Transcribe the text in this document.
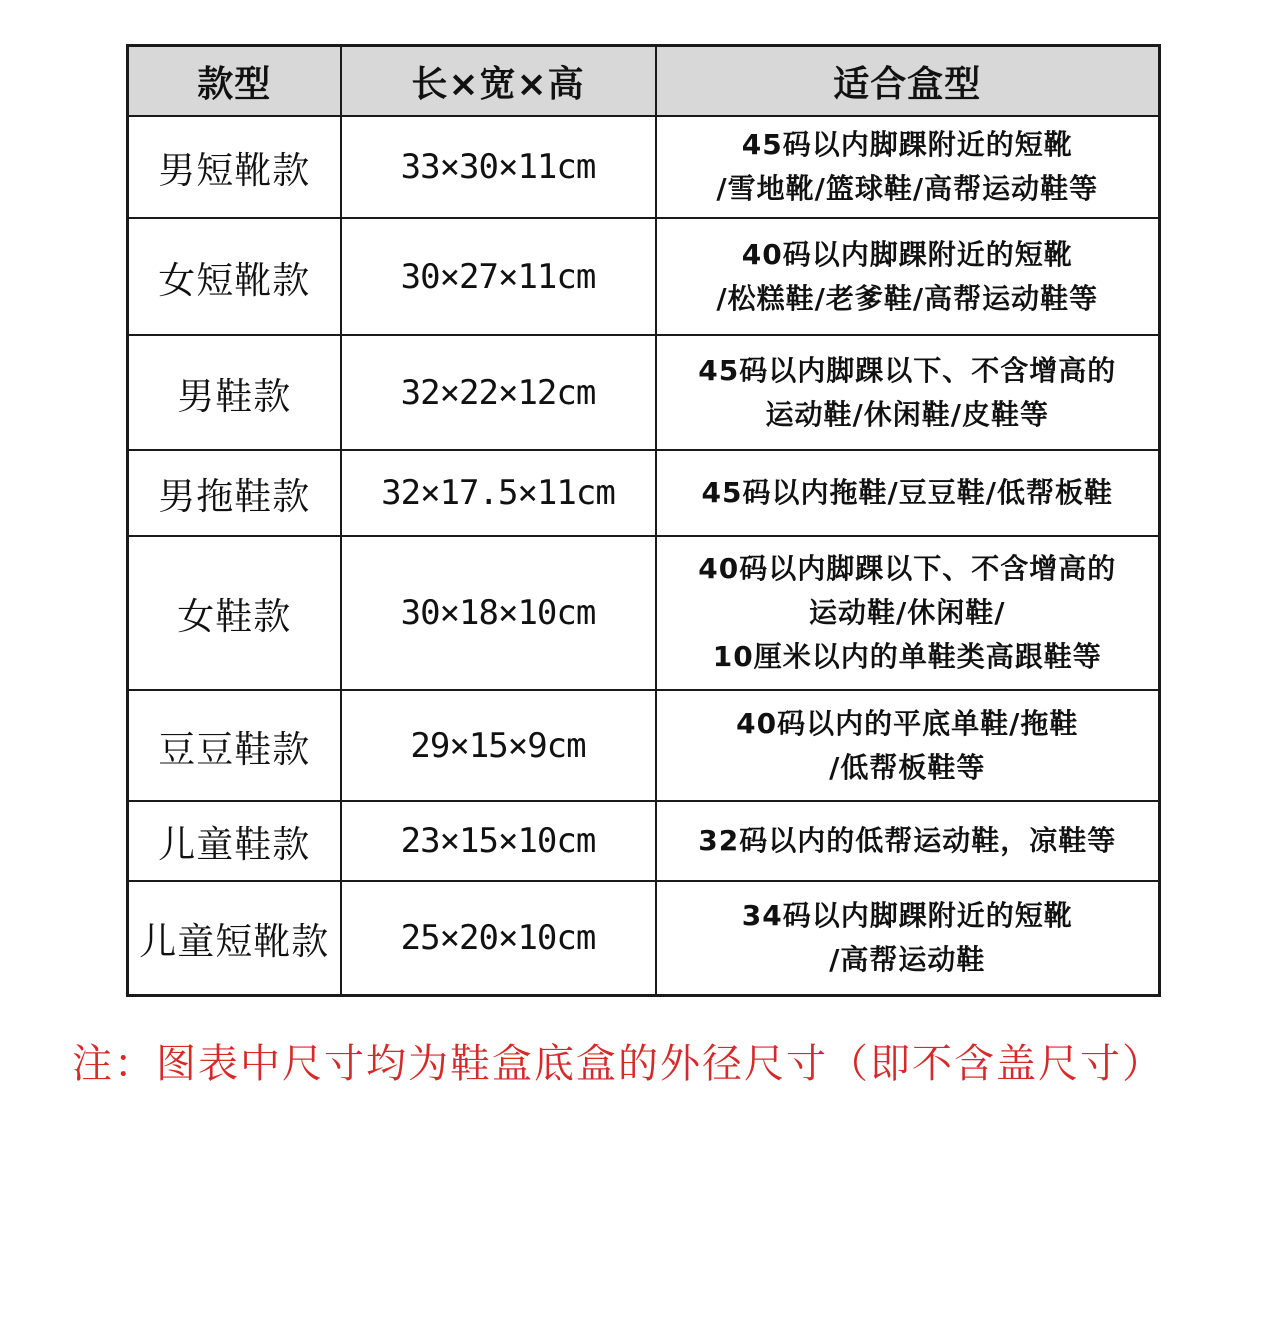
款型	长×宽×高	适合盒型
男短靴款	33×30×11cm	45码以内脚踝附近的短靴
/雪地靴/篮球鞋/高帮运动鞋等

女短靴款	30×27×11cm	40码以内脚踝附近的短靴
/松糕鞋/老爹鞋/高帮运动鞋等

男鞋款	32×22×12cm	45码以内脚踝以下、不含增高的
运动鞋/休闲鞋/皮鞋等

男拖鞋款	32×17.5×11cm	45码以内拖鞋/豆豆鞋/低帮板鞋

女鞋款	30×18×10cm	40码以内脚踝以下、不含增高的
运动鞋/休闲鞋/
10厘米以内的单鞋类高跟鞋等

豆豆鞋款	29×15×9cm	40码以内的平底单鞋/拖鞋
/低帮板鞋等

儿童鞋款	23×15×10cm	32码以内的低帮运动鞋，凉鞋等

儿童短靴款	25×20×10cm	34码以内脚踝附近的短靴
/高帮运动鞋
注：图表中尺寸均为鞋盒底盒的外径尺寸（即不含盖尺寸）
